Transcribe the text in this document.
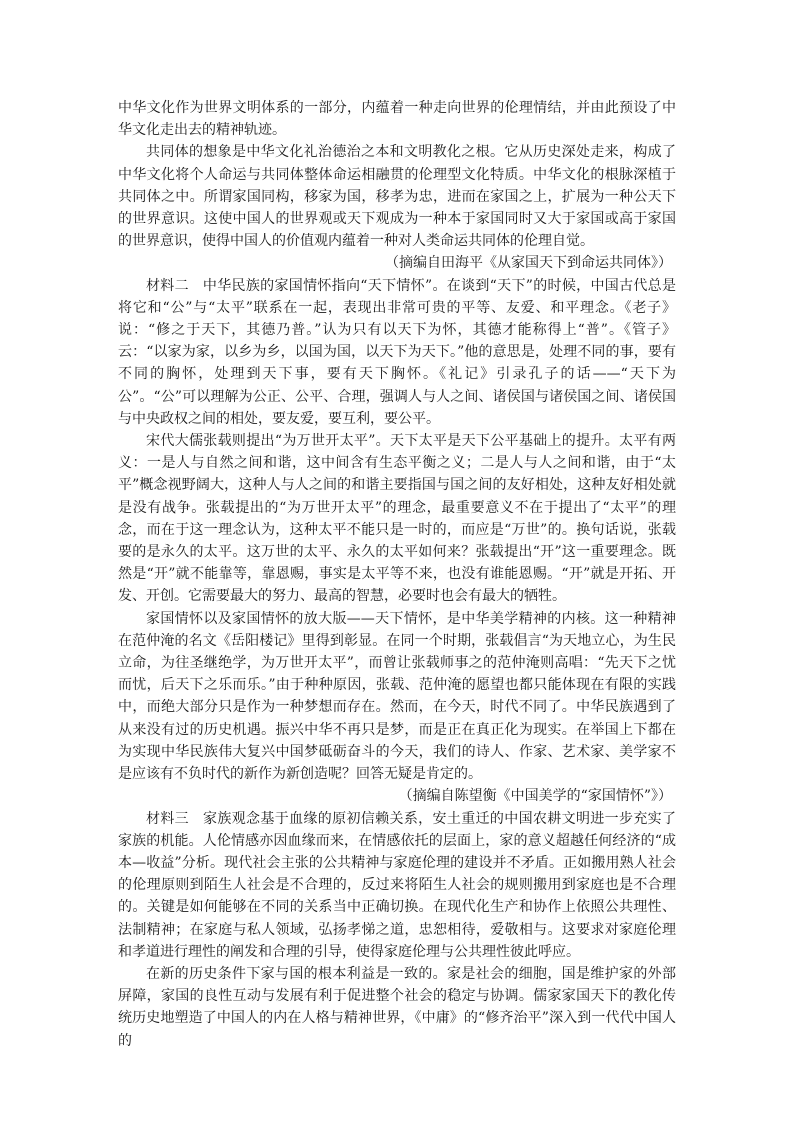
中华文化作为世界文明体系的一部分，内蕴着一种走向世界的伦理情结，并由此预设了中华文化走出去的精神轨迹。

共同体的想象是中华文化礼治德治之本和文明教化之根。它从历史深处走来，构成了中华文化将个人命运与共同体整体命运相融贯的伦理型文化特质。中华文化的根脉深植于共同体之中。所谓家国同构，移家为国，移孝为忠，进而在家国之上，扩展为一种公天下的世界意识。这使中国人的世界观或天下观成为一种本于家国同时又大于家国或高于家国的世界意识，使得中国人的价值观内蕴着一种对人类命运共同体的伦理自觉。

（摘编自田海平《从家国天下到命运共同体》）

材料二 中华民族的家国情怀指向“天下情怀”。在谈到“天下”的时候，中国古代总是将它和“公”与“太平”联系在一起，表现出非常可贵的平等、友爱、和平理念。《老子》说：“修之于天下，其德乃普。”认为只有以天下为怀，其德才能称得上“普”。《管子》云：“以家为家，以乡为乡，以国为国，以天下为天下。”他的意思是，处理不同的事，要有不同的胸怀，处理到天下事，要有天下胸怀。《礼记》引录孔子的话——“天下为公”。“公”可以理解为公正、公平、合理，强调人与人之间、诸侯国与诸侯国之间、诸侯国与中央政权之间的相处，要友爱，要互利，要公平。

宋代大儒张载则提出“为万世开太平”。天下太平是天下公平基础上的提升。太平有两义：一是人与自然之间和谐，这中间含有生态平衡之义；二是人与人之间和谐，由于“太平”概念视野阔大，这种人与人之间的和谐主要指国与国之间的友好相处，这种友好相处就是没有战争。张载提出的“为万世开太平”的理念，最重要意义不在于提出了“太平”的理念，而在于这一理念认为，这种太平不能只是一时的，而应是“万世”的。换句话说，张载要的是永久的太平。这万世的太平、永久的太平如何来？张载提出“开”这一重要理念。既然是“开”就不能靠等，靠恩赐，事实是太平等不来，也没有谁能恩赐。“开”就是开拓、开发、开创。它需要最大的努力、最高的智慧，必要时也会有最大的牺牲。

家国情怀以及家国情怀的放大版——天下情怀，是中华美学精神的内核。这一种精神在范仲淹的名文《岳阳楼记》里得到彰显。在同一个时期，张载倡言“为天地立心，为生民立命，为往圣继绝学，为万世开太平”，而曾让张载师事之的范仲淹则高唱：“先天下之忧而忧，后天下之乐而乐。”由于种种原因，张载、范仲淹的愿望也都只能体现在有限的实践中，而绝大部分只是作为一种梦想而存在。然而，在今天，时代不同了。中华民族遇到了从来没有过的历史机遇。振兴中华不再只是梦，而是正在真正化为现实。在举国上下都在为实现中华民族伟大复兴中国梦砥砺奋斗的今天，我们的诗人、作家、艺术家、美学家不是应该有不负时代的新作为新创造呢？回答无疑是肯定的。

（摘编自陈望衡《中国美学的“家国情怀”》）

材料三 家族观念基于血缘的原初信赖关系，安土重迁的中国农耕文明进一步充实了家族的机能。人伦情感亦因血缘而来，在情感依托的层面上，家的意义超越任何经济的“成本—收益”分析。现代社会主张的公共精神与家庭伦理的建设并不矛盾。正如搬用熟人社会的伦理原则到陌生人社会是不合理的，反过来将陌生人社会的规则搬用到家庭也是不合理的。关键是如何能够在不同的关系当中正确切换。在现代化生产和协作上依照公共理性、法制精神；在家庭与私人领域，弘扬孝悌之道，忠恕相待，爱敬相与。这要求对家庭伦理和孝道进行理性的阐发和合理的引导，使得家庭伦理与公共理性彼此呼应。

在新的历史条件下家与国的根本利益是一致的。家是社会的细胞，国是维护家的外部屏障，家国的良性互动与发展有利于促进整个社会的稳定与协调。儒家家国天下的教化传统历史地塑造了中国人的内在人格与精神世界，《中庸》的“修齐治平”深入到一代代中国人的
